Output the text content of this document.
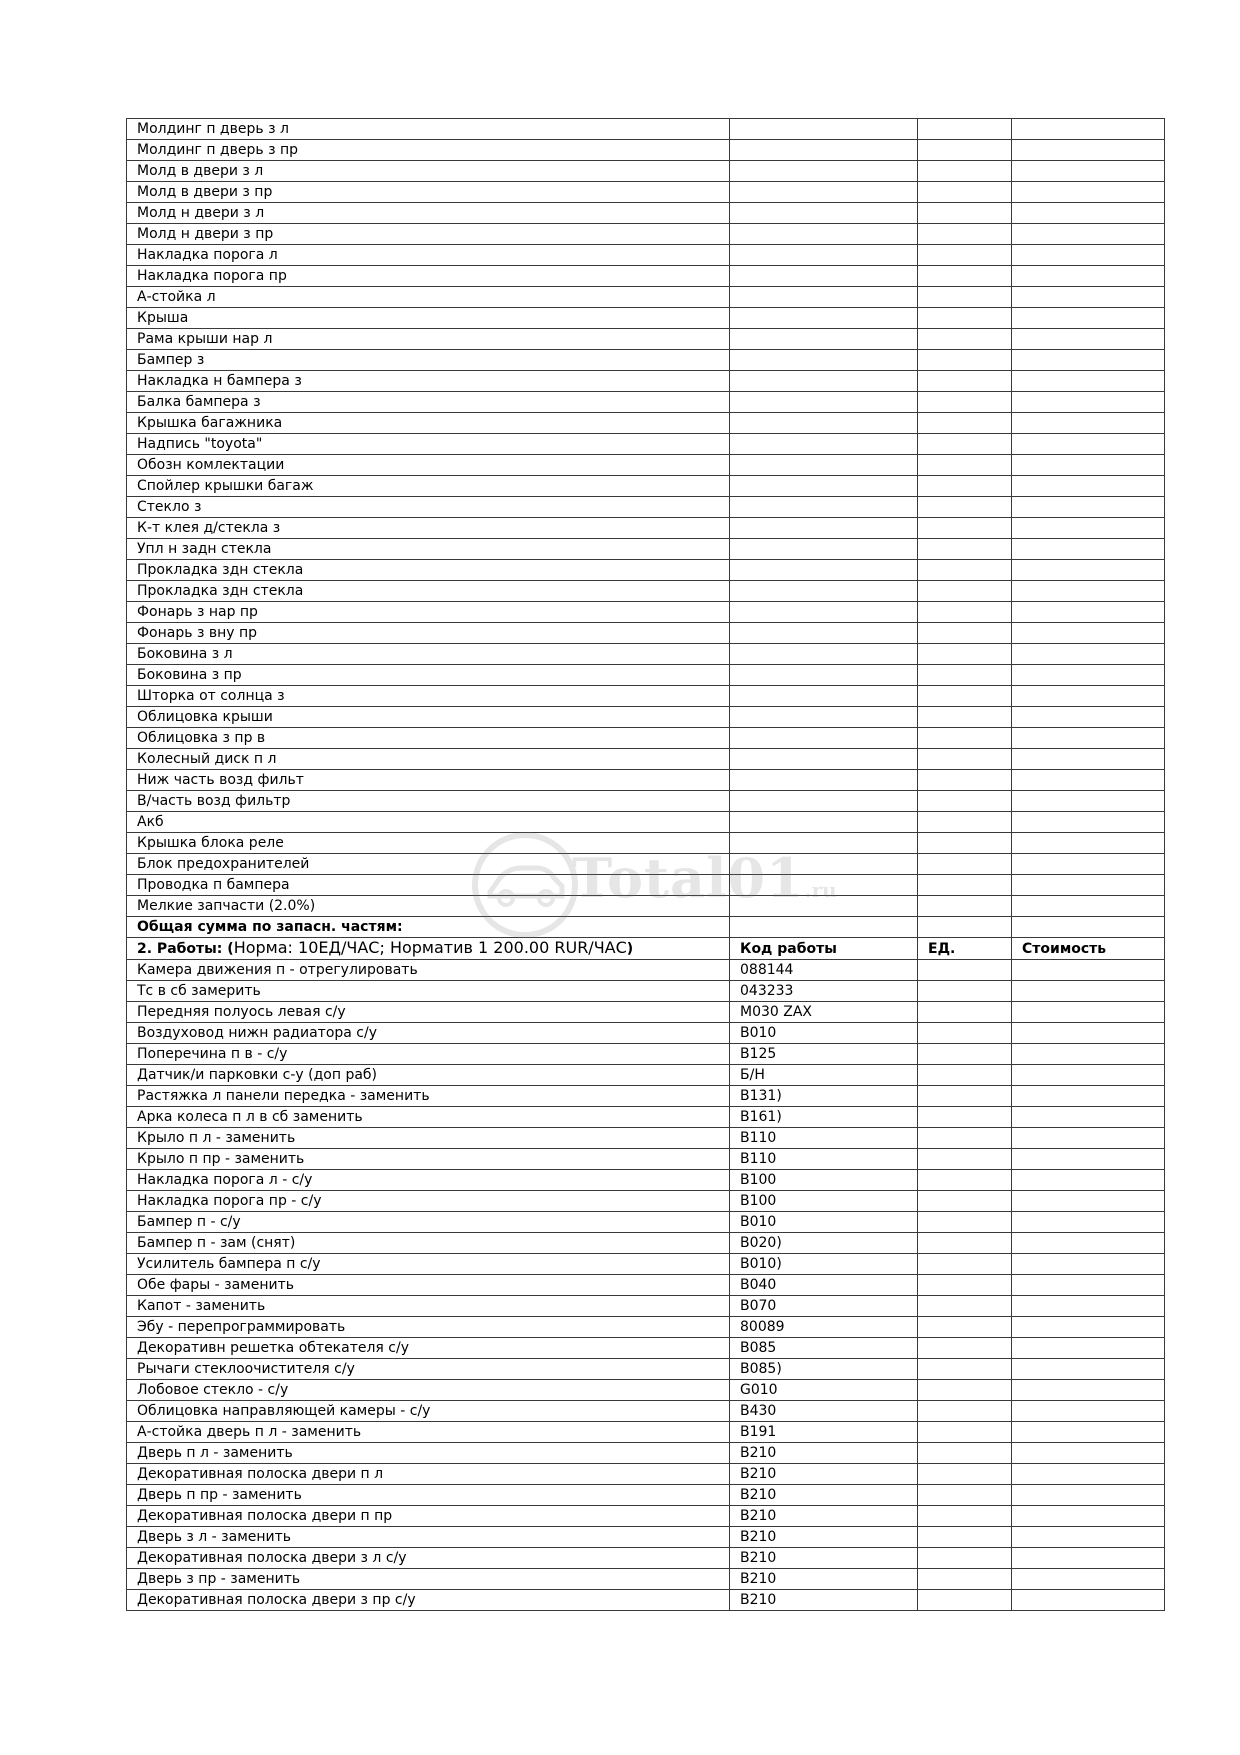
Молдинг п дверь з л			
Молдинг п дверь з пр			
Молд в двери з л			
Молд в двери з пр			
Молд н двери з л			
Молд н двери з пр			
Накладка порога л			
Накладка порога пр			
А-стойка л			
Крыша			
Рама крыши нар л			
Бампер з			
Накладка н бампера з			
Балка бампера з			
Крышка багажника			
Надпись "toyota"			
Обозн комлектации			
Спойлер крышки багаж			
Стекло з			
К-т клея д/стекла з			
Упл н задн стекла			
Прокладка здн стекла			
Прокладка здн стекла			
Фонарь з нар пр			
Фонарь з вну пр			
Боковина з л			
Боковина з пр			
Шторка от солнца з			
Облицовка крыши			
Облицовка з пр в			
Колесный диск п л			
Ниж часть возд фильт			
В/часть возд фильтр			
Акб			
Крышка блока реле			
Блок предохранителей			
Проводка п бампера			
Мелкие запчасти (2.0%)			
Общая сумма по запасн. частям:			
2. Работы: (Норма: 10ЕД/ЧАС; Норматив 1 200.00 RUR/ЧАС)	Код работы	ЕД.	Стоимость
Камера движения п - отрегулировать	088144		
Тс в сб замерить	043233		
Передняя полуось левая с/у	M030 ZAX		
Воздуховод нижн радиатора с/у	B010		
Поперечина п в - с/у	B125		
Датчик/и парковки с-у (доп раб)	Б/Н		
Растяжка л панели передка - заменить	B131)		
Арка колеса п л в сб заменить	B161)		
Крыло п л - заменить	B110		
Крыло п пр - заменить	B110		
Накладка порога л - с/у	B100		
Накладка порога пр - с/у	B100		
Бампер п - с/у	B010		
Бампер п - зам (снят)	B020)		
Усилитель бампера п с/у	B010)		
Обе фары - заменить	B040		
Капот - заменить	B070		
Эбу - перепрограммировать	80089		
Декоративн решетка обтекателя с/у	B085		
Рычаги стеклоочистителя с/у	B085)		
Лобовое стекло - с/у	G010		
Облицовка направляющей камеры - с/у	B430		
А-стойка дверь п л - заменить	B191		
Дверь п л - заменить	B210		
Декоративная полоска двери п л	B210		
Дверь п пр - заменить	B210		
Декоративная полоска двери п пр	B210		
Дверь з л - заменить	B210		
Декоративная полоска двери з л с/у	B210		
Дверь з пр - заменить	B210		
Декоративная полоска двери з пр с/у	B210		
Total01.ru
